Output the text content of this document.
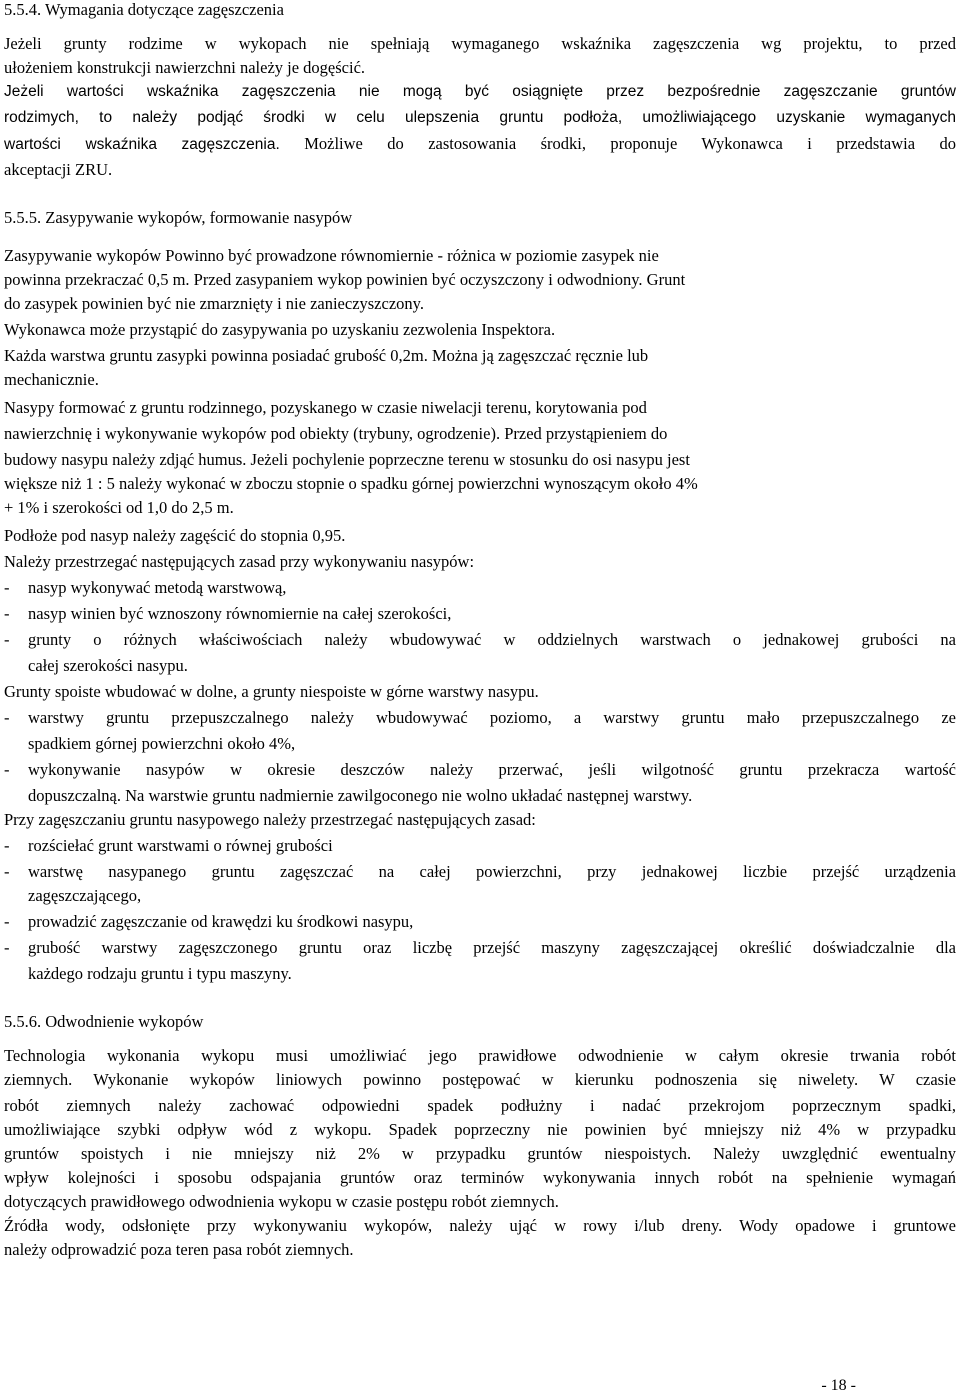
5.5.4. Wymagania dotyczące zagęszczenia
Jeżeli grunty rodzime w wykopach nie spełniają wymaganego wskaźnika zagęszczenia wg projektu, to przed
ułożeniem konstrukcji nawierzchni należy je dogęścić.
Jeżeli wartości wskaźnika zagęszczenia nie mogą być osiągnięte przez bezpośrednie zagęszczanie gruntów
rodzimych, to należy podjąć środki w celu ulepszenia gruntu podłoża, umożliwiającego uzyskanie wymaganych
wartości wskaźnika zagęszczenia. Możliwe do zastosowania środki, proponuje Wykonawca i przedstawia do
akceptacji ZRU.
5.5.5. Zasypywanie wykopów, formowanie nasypów
Zasypywanie wykopów Powinno być prowadzone równomiernie - różnica w poziomie zasypek nie
powinna przekraczać 0,5 m. Przed zasypaniem wykop powinien być oczyszczony i odwodniony. Grunt
do zasypek powinien być nie zmarznięty i nie zanieczyszczony.
Wykonawca może przystąpić do zasypywania po uzyskaniu zezwolenia Inspektora.
Każda warstwa gruntu zasypki powinna posiadać grubość 0,2m. Można ją zagęszczać ręcznie lub
mechanicznie.
Nasypy formować z gruntu rodzinnego, pozyskanego w czasie niwelacji terenu, korytowania pod
nawierzchnię i wykonywanie wykopów pod obiekty (trybuny, ogrodzenie). Przed przystąpieniem do
budowy nasypu należy zdjąć humus. Jeżeli pochylenie poprzeczne terenu w stosunku do osi nasypu jest
większe niż 1 : 5 należy wykonać w zboczu stopnie o spadku górnej powierzchni wynoszącym około 4%
+ 1% i szerokości od 1,0 do 2,5 m.
Podłoże pod nasyp należy zagęścić do stopnia 0,95.
Należy przestrzegać następujących zasad przy wykonywaniu nasypów:
- nasyp wykonywać metodą warstwową,
- nasyp winien być wznoszony równomiernie na całej szerokości,
- grunty o różnych właściwościach należy wbudowywać w oddzielnych warstwach o jednakowej grubości na
całej szerokości nasypu.
Grunty spoiste wbudować w dolne, a grunty niespoiste w górne warstwy nasypu.
- warstwy gruntu przepuszczalnego należy wbudowywać poziomo, a warstwy gruntu mało przepuszczalnego ze
spadkiem górnej powierzchni około 4%,
- wykonywanie nasypów w okresie deszczów należy przerwać, jeśli wilgotność gruntu przekracza wartość
dopuszczalną. Na warstwie gruntu nadmiernie zawilgoconego nie wolno układać następnej warstwy.
Przy zagęszczaniu gruntu nasypowego należy przestrzegać następujących zasad:
- rozściełać grunt warstwami o równej grubości
- warstwę nasypanego gruntu zagęszczać na całej powierzchni, przy jednakowej liczbie przejść urządzenia
zagęszczającego,
- prowadzić zagęszczanie od krawędzi ku środkowi nasypu,
- grubość warstwy zagęszczonego gruntu oraz liczbę przejść maszyny zagęszczającej określić doświadczalnie dla
każdego rodzaju gruntu i typu maszyny.
5.5.6. Odwodnienie wykopów
Technologia wykonania wykopu musi umożliwiać jego prawidłowe odwodnienie w całym okresie trwania robót
ziemnych. Wykonanie wykopów liniowych powinno postępować w kierunku podnoszenia się niwelety. W czasie
robót ziemnych należy zachować odpowiedni spadek podłużny i nadać przekrojom poprzecznym spadki,
umożliwiające szybki odpływ wód z wykopu. Spadek poprzeczny nie powinien być mniejszy niż 4% w przypadku
gruntów spoistych i nie mniejszy niż 2% w przypadku gruntów niespoistych. Należy uwzględnić ewentualny
wpływ kolejności i sposobu odspajania gruntów oraz terminów wykonywania innych robót na spełnienie wymagań
dotyczących prawidłowego odwodnienia wykopu w czasie postępu robót ziemnych.
Źródła wody, odsłonięte przy wykonywaniu wykopów, należy ująć w rowy i/lub dreny. Wody opadowe i gruntowe
należy odprowadzić poza teren pasa robót ziemnych.
- 18 -
